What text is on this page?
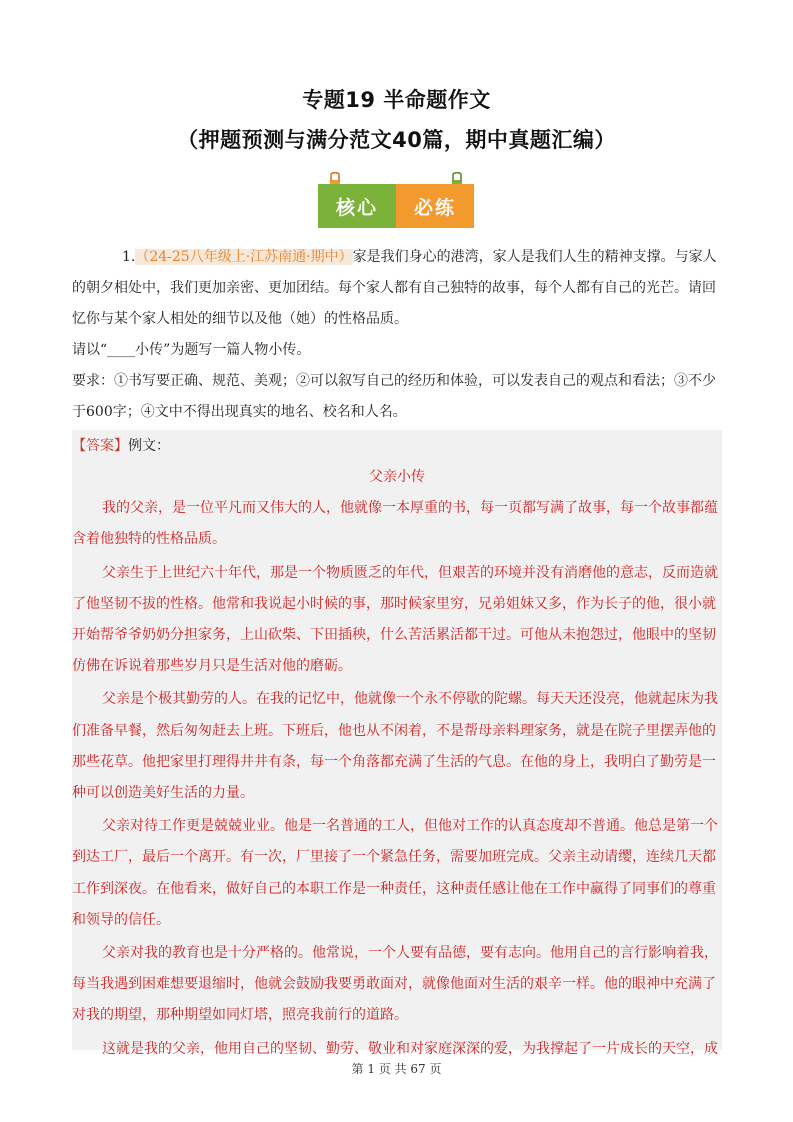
专题19 半命题作文
（押题预测与满分范文40篇，期中真题汇编）
核心	必练

1.（24-25八年级上·江苏南通·期中）家是我们身心的港湾，家人是我们人生的精神支撑。与家人的朝夕相处中，我们更加亲密、更加团结。每个家人都有自己独特的故事，每个人都有自己的光芒。请回忆你与某个家人相处的细节以及他（她）的性格品质。

请以“____小传”为题写一篇人物小传。

要求：①书写要正确、规范、美观；②可以叙写自己的经历和体验，可以发表自己的观点和看法；③不少于600字；④文中不得出现真实的地名、校名和人名。

【答案】例文：

父亲小传

我的父亲，是一位平凡而又伟大的人，他就像一本厚重的书，每一页都写满了故事，每一个故事都蕴含着他独特的性格品质。

父亲生于上世纪六十年代，那是一个物质匮乏的年代，但艰苦的环境并没有消磨他的意志，反而造就了他坚韧不拔的性格。他常和我说起小时候的事，那时候家里穷，兄弟姐妹又多，作为长子的他，很小就开始帮爷爷奶奶分担家务，上山砍柴、下田插秧，什么苦活累活都干过。可他从未抱怨过，他眼中的坚韧仿佛在诉说着那些岁月只是生活对他的磨砺。

父亲是个极其勤劳的人。在我的记忆中，他就像一个永不停歇的陀螺。每天天还没亮，他就起床为我们准备早餐，然后匆匆赶去上班。下班后，他也从不闲着，不是帮母亲料理家务，就是在院子里摆弄他的那些花草。他把家里打理得井井有条，每一个角落都充满了生活的气息。在他的身上，我明白了勤劳是一种可以创造美好生活的力量。

父亲对待工作更是兢兢业业。他是一名普通的工人，但他对工作的认真态度却不普通。他总是第一个到达工厂，最后一个离开。有一次，厂里接了一个紧急任务，需要加班完成。父亲主动请缨，连续几天都工作到深夜。在他看来，做好自己的本职工作是一种责任，这种责任感让他在工作中赢得了同事们的尊重和领导的信任。

父亲对我的教育也是十分严格的。他常说，一个人要有品德，要有志向。他用自己的言行影响着我，每当我遇到困难想要退缩时，他就会鼓励我要勇敢面对，就像他面对生活的艰辛一样。他的眼神中充满了对我的期望，那种期望如同灯塔，照亮我前行的道路。

这就是我的父亲，他用自己的坚韧、勤劳、敬业和对家庭深深的爱，为我撑起了一片成长的天空，成

第 1 页 共 67 页
